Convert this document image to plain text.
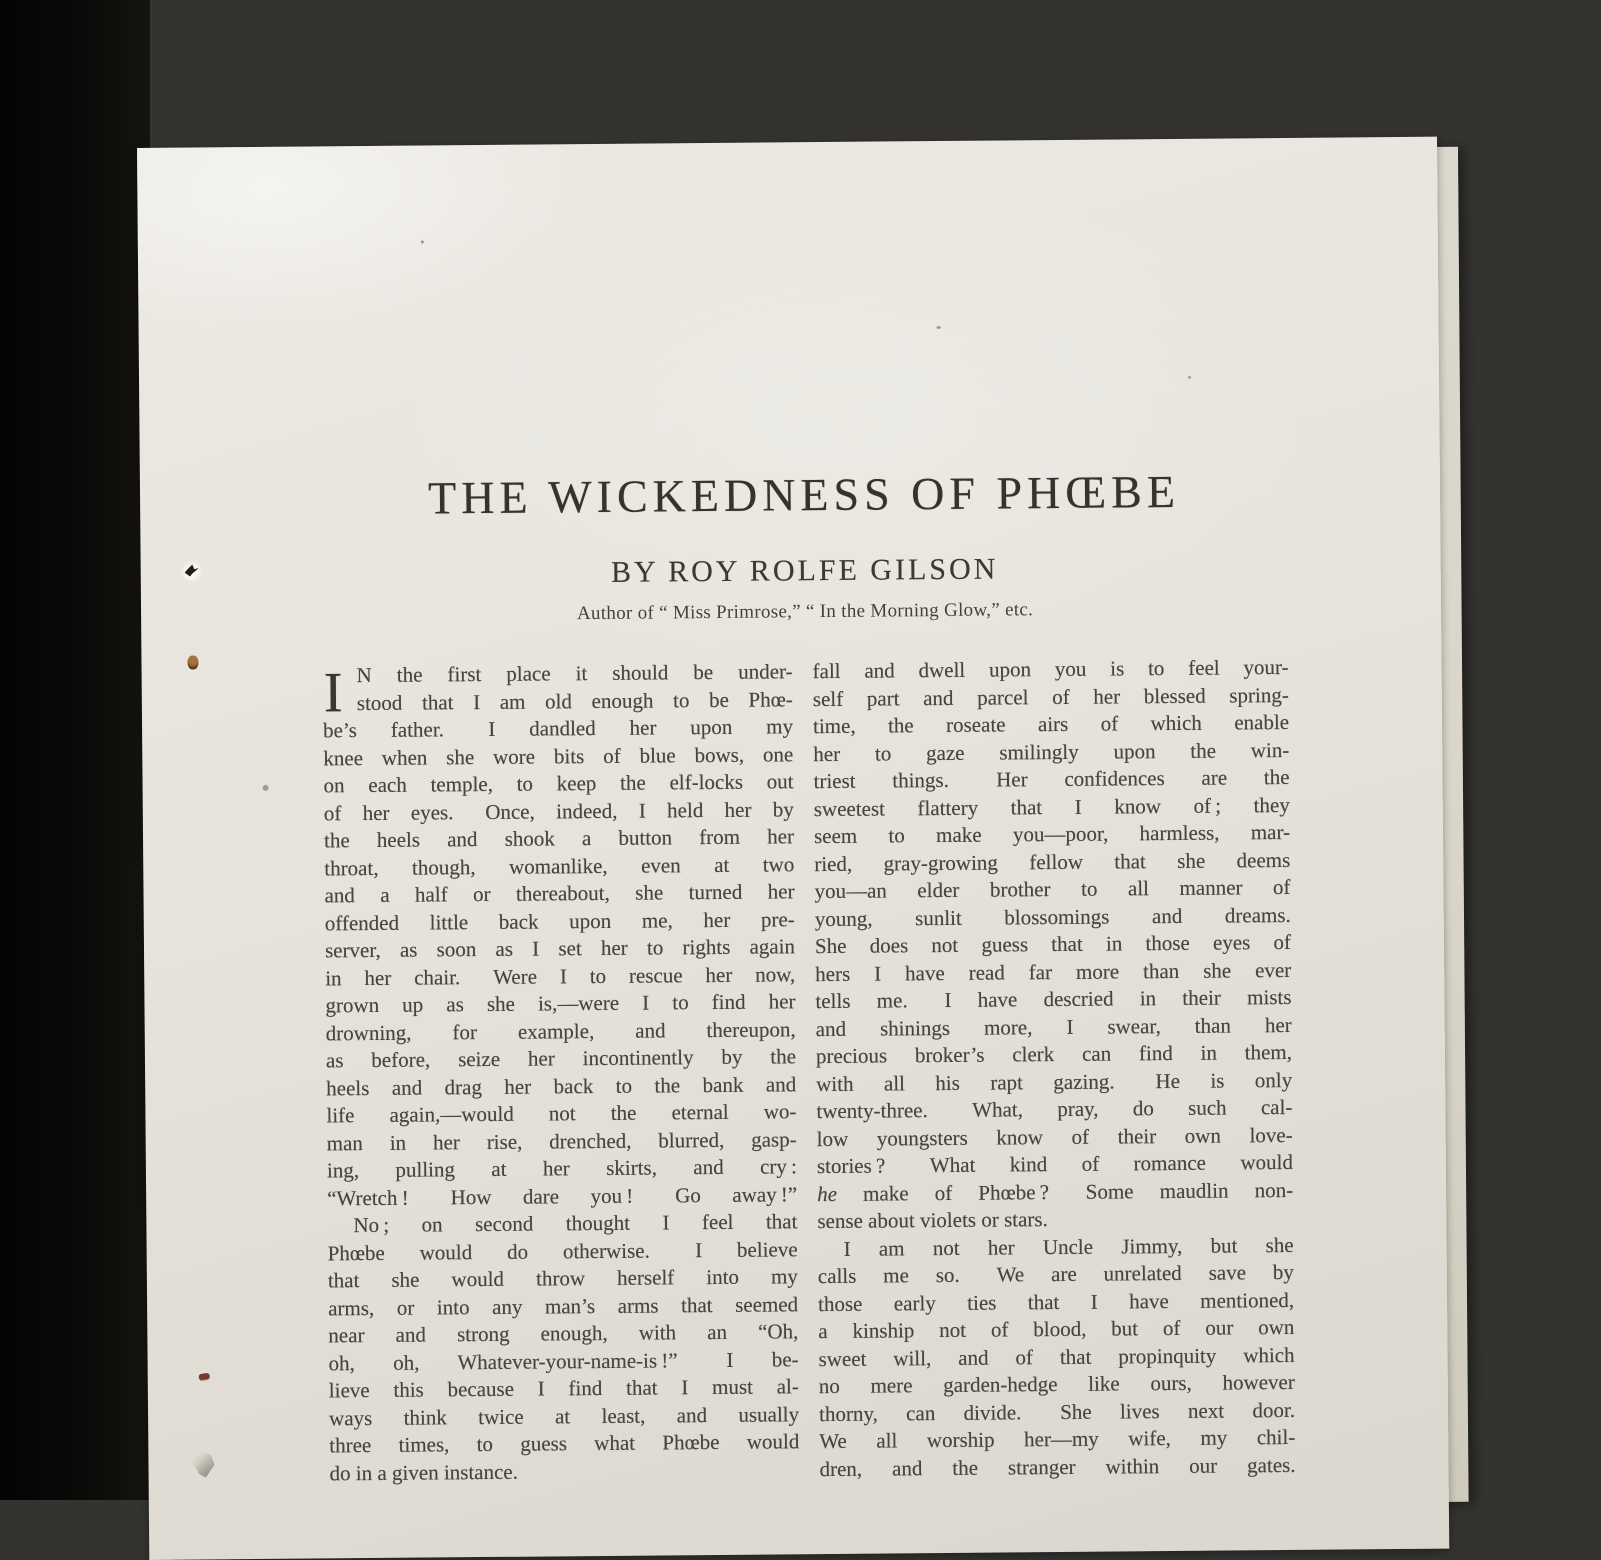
THE WICKEDNESS OF PHŒBE
BY ROY ROLFE GILSON
Author of “ Miss Primrose,” “ In the Morning Glow,” etc.
I N the first place it should be under-
stood that I am old enough to be Phœ-
be’s father.  I dandled her upon my
knee when she wore bits of blue bows, one
on each temple, to keep the elf-locks out
of her eyes.  Once, indeed, I held her by
the heels and shook a button from her
throat, though, womanlike, even at two
and a half or thereabout, she turned her
offended little back upon me, her pre-
server, as soon as I set her to rights again
in her chair.  Were I to rescue her now,
grown up as she is,—were I to find her
drowning, for example, and thereupon,
as before, seize her incontinently by the
heels and drag her back to the bank and
life again,—would not the eternal wo-
man in her rise, drenched, blurred, gasp-
ing, pulling at her skirts, and cry :
“Wretch !  How dare you !  Go away !”
No ; on second thought I feel that
Phœbe would do otherwise.  I believe
that she would throw herself into my
arms, or into any man’s arms that seemed
near and strong enough, with an “Oh,
oh, oh, Whatever-your-name-is !”  I be-
lieve this because I find that I must al-
ways think twice at least, and usually
three times, to guess what Phœbe would
do in a given instance.
fall and dwell upon you is to feel your-
self part and parcel of her blessed spring-
time, the roseate airs of which enable
her to gaze smilingly upon the win-
triest things.  Her confidences are the
sweetest flattery that I know of ; they
seem to make you—poor, harmless, mar-
ried, gray-growing fellow that she deems
you—an elder brother to all manner of
young, sunlit blossomings and dreams.
She does not guess that in those eyes of
hers I have read far more than she ever
tells me.  I have descried in their mists
and shinings more, I swear, than her
precious broker’s clerk can find in them,
with all his rapt gazing.  He is only
twenty-three.  What, pray, do such cal-
low youngsters know of their own love-
stories ?  What kind of romance would
he make of Phœbe ?  Some maudlin non-
sense about violets or stars.
I am not her Uncle Jimmy, but she
calls me so.  We are unrelated save by
those early ties that I have mentioned,
a kinship not of blood, but of our own
sweet will, and of that propinquity which
no mere garden-hedge like ours, however
thorny, can divide.  She lives next door.
We all worship her—my wife, my chil-
dren, and the stranger within our gates.
